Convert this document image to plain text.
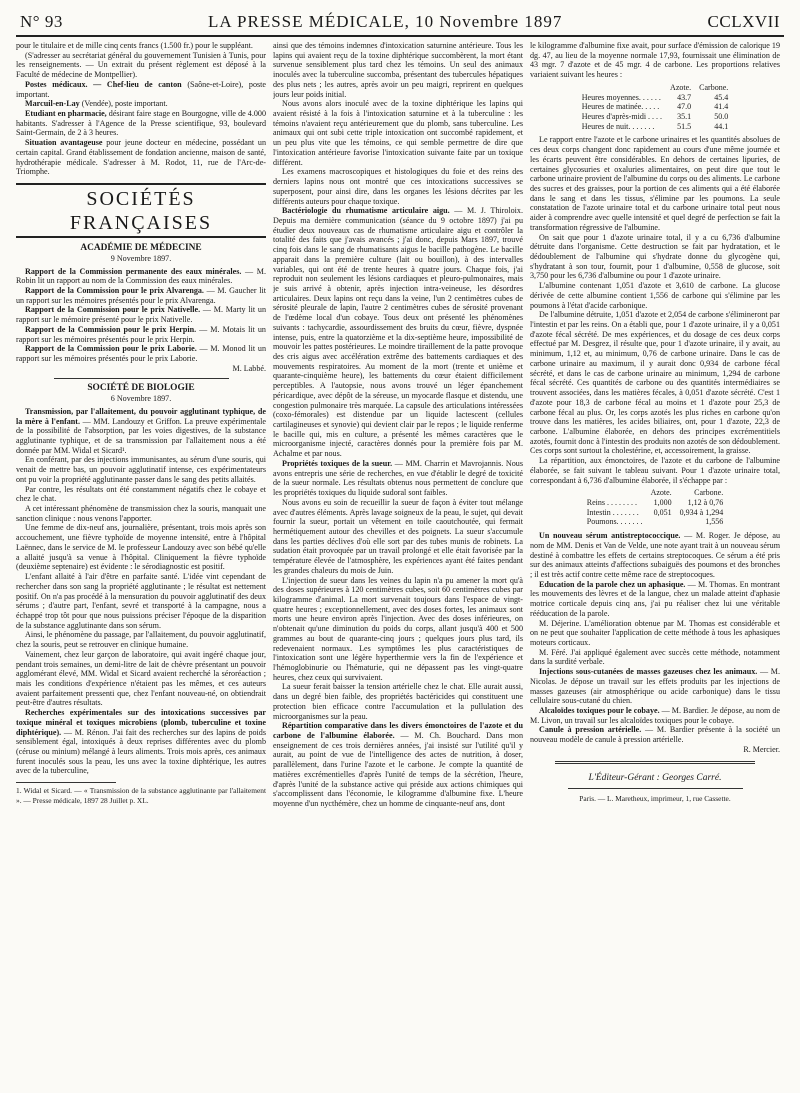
N° 93	LA PRESSE MÉDICALE, 10 Novembre 1897	CCLXVII

pour le titulaire et de mille cinq cents francs (1.500 fr.) pour le suppléant.

(S'adresser au secrétariat général du gouvernement Tunisien à Tunis, pour les renseignements. — Un extrait du présent règlement est déposé à la Faculté de médecine de Montpellier).

Postes médicaux. — Chef-lieu de canton (Saône-et-Loire), poste important.

Marcuil-en-Lay (Vendée), poste important.

Etudiant en pharmacie, désirant faire stage en Bourgogne, ville de 4.000 habitants. S'adresser à l'Agence de la Presse scientifique, 93, boulevard Saint-Germain, de 2 à 3 heures.

Situation avantageuse pour jeune docteur en médecine, possédant un certain capital. Grand établissement de fondation ancienne, maison de santé, hydrothérapie médicale. S'adresser à M. Rodot, 11, rue de l'Arc-de-Triomphe.

SOCIÉTÉS FRANÇAISES
ACADÉMIE DE MÉDECINE
9 Novembre 1897.

Rapport de la Commission permanente des eaux minérales. — M. Robin lit un rapport au nom de la Commission des eaux minérales.

Rapport de la Commission pour le prix Alvarenga. — M. Gaucher lit un rapport sur les mémoires présentés pour le prix Alvarenga.

Rapport de la Commission pour le prix Nativelle. — M. Marty lit un rapport sur le mémoire présenté pour le prix Nativelle.

Rapport de la Commission pour le prix Herpin. — M. Motais lit un rapport sur les mémoires présentés pour le prix Herpin.

Rapport de la Commission pour le prix Laborie. — M. Monod lit un rapport sur les mémoires présentés pour le prix Laborie.

M. Labbé.

SOCIÉTÉ DE BIOLOGIE
6 Novembre 1897.

Transmission, par l'allaitement, du pouvoir agglutinant typhique, de la mère à l'enfant. — MM. Landouzy et Griffon. La preuve expérimentale de la possibilité de l'absorption, par les voies digestives, de la substance agglutinante typhique, et de sa transmission par l'allaitement nous a été donnée par MM. Widal et Sicard¹.

En conférant, par des injections immunisantes, au sérum d'une souris, qui venait de mettre bas, un pouvoir agglutinatif intense, ces expérimentateurs ont pu voir la propriété agglutinante passer dans le sang des petits allaités.

Par contre, les résultats ont été constamment négatifs chez le cobaye et chez le chat.

A cet intéressant phénomène de transmission chez la souris, manquait une sanction clinique : nous venons l'apporter.

Une femme de dix-neuf ans, journalière, présentant, trois mois après son accouchement, une fièvre typhoïde de moyenne intensité, entre à l'hôpital Laënnec, dans le service de M. le professeur Landouzy avec son bébé qu'elle a allaité jusqu'à sa venue à l'hôpital. Cliniquement la fièvre typhoïde (deuxième septenaire) est évidente : le sérodiagnostic est positif.

L'enfant allaité à l'air d'être en parfaite santé. L'idée vint cependant de rechercher dans son sang la propriété agglutinante ; le résultat est nettement positif. On n'a pas procédé à la mensuration du pouvoir agglutinatif des deux sérums ; d'autre part, l'enfant, sevré et transporté à la campagne, nous a échappé trop tôt pour que nous puissions préciser l'époque de la disparition de la substance agglutinante dans son sérum.

Ainsi, le phénomène du passage, par l'allaitement, du pouvoir agglutinatif, chez la souris, peut se retrouver en clinique humaine.

Vainement, chez leur garçon de laboratoire, qui avait ingéré chaque jour, pendant trois semaines, un demi-litre de lait de chèvre présentant un pouvoir agglomérant élevé, MM. Widal et Sicard avaient recherché la séroréaction ; mais les conditions d'expérience n'étaient pas les mêmes, et ces auteurs avaient parfaitement pressenti que, chez l'enfant nouveau-né, on obtiendrait peut-être d'autres résultats.

Recherches expérimentales sur des intoxications successives par toxique minéral et toxiques microbiens (plomb, tuberculine et toxine diphtérique). — M. Rénon. J'ai fait des recherches sur des lapins de poids sensiblement égal, intoxiqués à deux reprises différentes avec du plomb (céruse ou minium) mélangé à leurs aliments. Trois mois après, ces animaux furent inoculés sous la peau, les uns avec la toxine diphtérique, les autres avec de la tuberculine,

1. Widal et Sicard. — « Transmission de la substance agglutinante par l'allaitement ». — Presse médicale, 1897 28 Juillet p. XL.

ainsi que des témoins indemnes d'intoxication saturnine antérieure. Tous les lapins qui avaient reçu de la toxine diphtérique succombèrent, la mort étant survenue sensiblement plus tard chez les témoins. Un seul des animaux inoculés avec la tuberculine succomba, présentant des tubercules hépatiques des plus nets ; les autres, après avoir un peu maigri, reprirent en quelques jours leur poids initial.

Nous avons alors inoculé avec de la toxine diphtérique les lapins qui avaient résisté à la fois à l'intoxication saturnine et à la tuberculine : les témoins n'avaient reçu antérieurement que du plomb, sans tuberculine. Les animaux qui ont subi cette triple intoxication ont succombé rapidement, et un peu plus vite que les témoins, ce qui semble permettre de dire que l'intoxication antérieure favorise l'intoxication suivante faite par un toxique différent.

Les examens macroscopiques et histologiques du foie et des reins des derniers lapins nous ont montré que ces intoxications successives se superposent, pour ainsi dire, dans les organes les lésions décrites par les différents auteurs pour chaque toxique.

Bactériologie du rhumatisme articulaire aigu. — M. J. Thiroloix. Depuis ma dernière communication (séance du 9 octobre 1897) j'ai pu étudier deux nouveaux cas de rhumatisme articulaire aigu et contrôler la totalité des faits que j'avais avancés ; j'ai donc, depuis Mars 1897, trouvé cinq fois dans le sang de rhumatisants aigus le bacille pathogène. Le bacille apparait dans la première culture (lait ou bouillon), à des intervalles variables, qui ont été de trente heures à quatre jours. Chaque fois, j'ai reproduit non seulement les lésions cardiaques et pleuro-pulmonaires, mais je suis arrivé à obtenir, après injection intra-veineuse, les désordres articulaires. Deux lapins ont reçu dans la veine, l'un 2 centimètres cubes de sérosité pleurale de lapin, l'autre 2 centimètres cubes de sérosité provenant de l'œdème local d'un cobaye. Tous deux ont présenté les phénomènes suivants : tachycardie, assourdissement des bruits du cœur, fièvre, dyspnée intense, puis, entre la quatorzième et la dix-septième heure, impossibilité de mouvoir les pattes postérieures. Le moindre tiraillement de la patte provoque des cris aigus avec accélération extrême des battements cardiaques et des mouvements respiratoires. Au moment de la mort (trente et unième et quarante-cinquième heure), les battements du cœur étaient difficilement perceptibles. A l'autopsie, nous avons trouvé un léger épanchement péricardique, avec dépôt de la séreuse, un myocarde flasque et distendu, une congestion pulmonaire très marquée. La capsule des articulations intéressées (coxo-fémorales) est distendue par un liquide lactescent (cellules cartilagineuses et synovie) qui devient clair par le repos ; le liquide renferme le bacille qui, mis en culture, a présenté les mêmes caractères que le microorganisme injecté, caractères donnés pour la première fois par M. Achalme et par nous.

Propriétés toxiques de la sueur. — MM. Charrin et Mavrojannis. Nous avons entrepris une série de recherches, en vue d'établir le degré de toxicité de la sueur normale. Les résultats obtenus nous permettent de conclure que les propriétés toxiques du liquide sudoral sont faibles.

Nous avons eu soin de recueillir la sueur de façon à éviter tout mélange avec d'autres éléments. Après lavage soigneux de la peau, le sujet, qui devait fournir la sueur, portait un vêtement en toile caoutchoutée, qui fermait hermétiquement autour des chevilles et des poignets. La sueur s'accumule dans les parties déclives d'où elle sort par des tubes munis de robinets. La sudation était provoquée par un travail prolongé et elle était favorisée par la température élevée de l'atmosphère, les expériences ayant été faites pendant les grandes chaleurs du mois de Juin.

L'injection de sueur dans les veines du lapin n'a pu amener la mort qu'à des doses supérieures à 120 centimètres cubes, soit 60 centimètres cubes par kilogramme d'animal. La mort survenait toujours dans l'espace de vingt-quatre heures ; exceptionnellement, avec des doses fortes, les animaux sont morts une heure environ après l'injection. Avec des doses inférieures, on n'obtenait qu'une diminution du poids du corps, allant jusqu'à 400 et 500 grammes au bout de quarante-cinq jours ; quelques jours plus tard, ils redevenaient normaux. Les symptômes les plus caractéristiques de l'intoxication sont une légère hyperthermie vers la fin de l'expérience et l'hémoglobinurie ou l'hématurie, qui ne dépassent pas les vingt-quatre heures, chez ceux qui survivaient.

La sueur ferait baisser la tension artérielle chez le chat. Elle aurait aussi, dans un degré bien faible, des propriétés bactéricides qui constituent une protection bien efficace contre l'accumulation et la pullulation des microorganismes sur la peau.

Répartition comparative dans les divers émonctoires de l'azote et du carbone de l'albumine élaborée. — M. Ch. Bouchard. Dans mon enseignement de ces trois dernières années, j'ai insisté sur l'utilité qu'il y aurait, au point de vue de l'intelligence des actes de nutrition, à doser, parallèlement, dans l'urine l'azote et le carbone. Je compte la quantité de matières excrémentielles d'après l'unité de temps de la sécrétion, l'heure, d'après l'unité de la substance active qui préside aux actions chimiques qui s'accomplissent dans l'économie, le kilogramme d'albumine fixe. L'heure moyenne d'un nycthémère, chez un homme de cinquante-neuf ans, dont

le kilogramme d'albumine fixe avait, pour surface d'émission de calorique 19 dg. 47, au lieu de la moyenne normale 17,93, fournissait une élimination de 43 mgr. 7 d'azote et de 45 mgr. 4 de carbone. Les proportions relatives variaient suivant les heures :

	Azote.	Carbone.
Heures moyennes. . . . . .	43.7	45.4
Heures de matinée. . . . .	47.0	41.4
Heures d'après-midi . . . .	35.1	50.0
Heures de nuit. . . . . . .	51.5	44.1

Le rapport entre l'azote et le carbone urinaires et les quantités absolues de ces deux corps changent donc rapidement au cours d'une même journée et les écarts peuvent être considérables. En dehors de certaines lipuries, de certaines glycosuries et oxaluries alimentaires, on peut dire que tout le carbone urinaire provient de l'albumine du corps ou des aliments. Le carbone des sucres et des graisses, pour la portion de ces aliments qui a été élaborée dans le sang et dans les tissus, s'élimine par les poumons. La seule constatation de l'azote urinaire total et du carbone urinaire total peut nous aider à comprendre avec quelle intensité et quel degré de perfection se fait la transformation régressive de l'albumine.

On sait que pour 1 d'azote urinaire total, il y a cu 6,736 d'albumine détruite dans l'organisme. Cette destruction se fait par hydratation, et le dédoublement de l'albumine qui s'hydrate donne du glycogène qui, s'hydratant à son tour, fournit, pour 1 d'albumine, 0,558 de glucose, soit 3,750 pour les 6,736 d'albumine ou pour 1 d'azote urinaire.

L'albumine contenant 1,051 d'azote et 3,610 de carbone. La glucose dérivée de cette albumine contient 1,556 de carbone qui s'élimine par les poumons à l'état d'acide carbonique.

De l'albumine détruite, 1,051 d'azote et 2,054 de carbone s'élimineront par l'intestin et par les reins. On a établi que, pour 1 d'azote urinaire, il y a 0,051 d'azote fécal sécrété. De mes expériences, et du dosage de ces deux corps effectué par M. Desgrez, il résulte que, pour 1 d'azote urinaire, il y avait, au minimum, 1,12 et, au minimum, 0,76 de carbone urinaire. Dans le cas de carbone urinaire au maximum, il y aurait donc 0,934 de carbone fécal sécrété, et dans le cas de carbone urinaire au minimum, 1,294 de carbone fécal sécrété. Ces quantités de carbone ou des quantités intermédiaires se trouvent associées, dans les matières fécales, à 0,051 d'azote sécrété. C'est 1 d'azote pour 18,3 de carbone fécal au moins et 1 d'azote pour 25,3 de carbone fécal au plus. Or, les corps azotés les plus riches en carbone qu'on trouve dans les matières, les acides biliaires, ont, pour 1 d'azote, 22,3 de carbone. L'albumine élaborée, en dehors des principes excrémentitiels azotés, fournit donc à l'intestin des produits non azotés de son dédoublement. Ces corps sont surtout la cholestérine, et, accessoirement, la graisse.

La répartition, aux émonctoires, de l'azote et du carbone de l'albumine élaborée, se fait suivant le tableau suivant. Pour 1 d'azote urinaire total, correspondant à 6,736 d'albumine élaborée, il s'échappe par :

	Azote.	Carbone.
Reins . . . . . . . .	1,000	1,12 à 0,76
Intestin . . . . . . .	0,051	0,934 à 1,294
Poumons. . . . . . .		1,556

Un nouveau sérum antistreptococcique. — M. Roger. Je dépose, au nom de MM. Denis et Van de Velde, une note ayant trait à un nouveau sérum destiné à combattre les effets de certains streptocoques. Ce sérum a été pris sur des animaux atteints d'affections subaiguës des poumons et des bronches ; il est très actif contre cette même race de streptocoques.

Education de la parole chez un aphasique. — M. Thomas. En montrant les mouvements des lèvres et de la langue, chez un malade atteint d'aphasie motrice corticale depuis cinq ans, j'ai pu réaliser chez lui une véritable rééducation de la parole.

M. Déjerine. L'amélioration obtenue par M. Thomas est considérable et on ne peut que souhaiter l'application de cette méthode à tous les aphasiques moteurs corticaux.

M. Féré. J'ai appliqué également avec succès cette méthode, notamment dans la surdité verbale.

Injections sous-cutanées de masses gazeuses chez les animaux. — M. Nicolas. Je dépose un travail sur les effets produits par les injections de masses gazeuses (air atmosphérique ou acide carbonique) dans le tissu cellulaire sous-cutané du chien.

Alcaloïdes toxiques pour le cobaye. — M. Bardier. Je dépose, au nom de M. Livon, un travail sur les alcaloïdes toxiques pour le cobaye.

Canule à pression artérielle. — M. Bardier présente à la société un nouveau modèle de canule à pression artérielle.

R. Mercier.

L'Éditeur-Gérant : Georges Carré.
Paris. — L. Maretheux, imprimeur, 1, rue Cassette.
